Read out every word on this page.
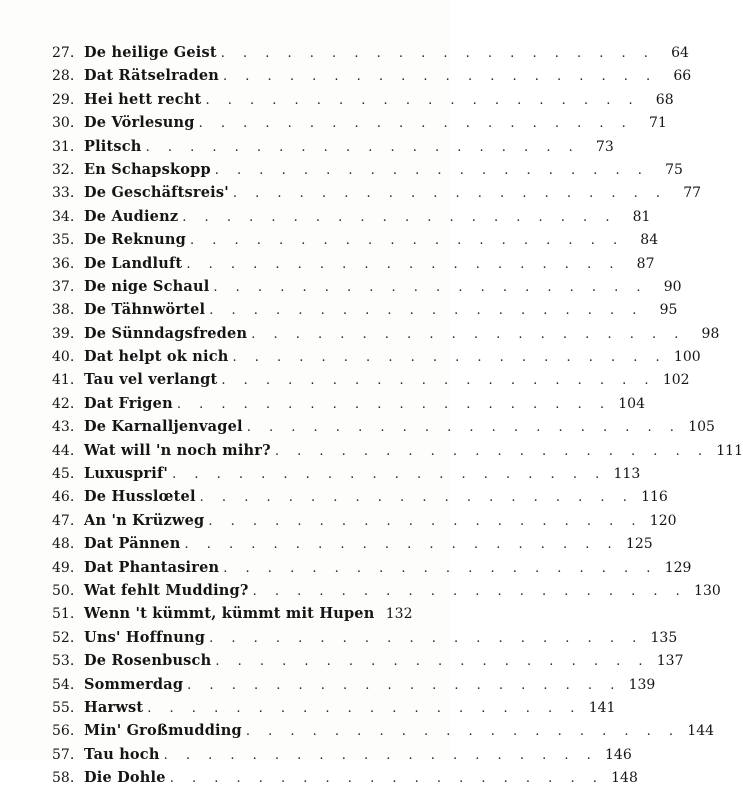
27. De heilige Geist . . . . . . . . . . . . . . . . . . . .	64
28. Dat Rätselraden . . . . . . . . . . . . . . . . . . . .	66
29. Hei hett recht . . . . . . . . . . . . . . . . . . . .	68
30. De Vörlesung . . . . . . . . . . . . . . . . . . . .	71
31. Plitsch . . . . . . . . . . . . . . . . . . . .	73
32. En Schapskopp . . . . . . . . . . . . . . . . . . . .	75
33. De Geschäftsreis' . . . . . . . . . . . . . . . . . . . .	77
34. De Audienz . . . . . . . . . . . . . . . . . . . .	81
35. De Reknung . . . . . . . . . . . . . . . . . . . .	84
36. De Landluft . . . . . . . . . . . . . . . . . . . .	87
37. De nige Schaul . . . . . . . . . . . . . . . . . . . .	90
38. De Tähnwörtel . . . . . . . . . . . . . . . . . . . .	95
39. De Sünndagsfreden . . . . . . . . . . . . . . . . . . . .	98
40. Dat helpt ok nich . . . . . . . . . . . . . . . . . . . . 100
41. Tau vel verlangt . . . . . . . . . . . . . . . . . . . . 102
42. Dat Frigen . . . . . . . . . . . . . . . . . . . . 104
43. De Karnalljenvagel . . . . . . . . . . . . . . . . . . . . 105
44. Wat will 'n noch mihr? . . . . . . . . . . . . . . . . . . . . 111
45. Luxusprif' . . . . . . . . . . . . . . . . . . . . 113
46. De Husslœtel . . . . . . . . . . . . . . . . . . . . 116
47. An 'n Krüzweg . . . . . . . . . . . . . . . . . . . . 120
48. Dat Pännen . . . . . . . . . . . . . . . . . . . . 125
49. Dat Phantasiren . . . . . . . . . . . . . . . . . . . . 129
50. Wat fehlt Mudding? . . . . . . . . . . . . . . . . . . . . 130
51. Wenn 't kümmt, kümmt mit Hupen 132
52. Uns' Hoffnung . . . . . . . . . . . . . . . . . . . . 135
53. De Rosenbusch . . . . . . . . . . . . . . . . . . . . 137
54. Sommerdag . . . . . . . . . . . . . . . . . . . . 139
55. Harwst . . . . . . . . . . . . . . . . . . . . 141
56. Min' Großmudding . . . . . . . . . . . . . . . . . . . . 144
57. Tau hoch . . . . . . . . . . . . . . . . . . . . 146
58. Die Dohle . . . . . . . . . . . . . . . . . . . . 148
